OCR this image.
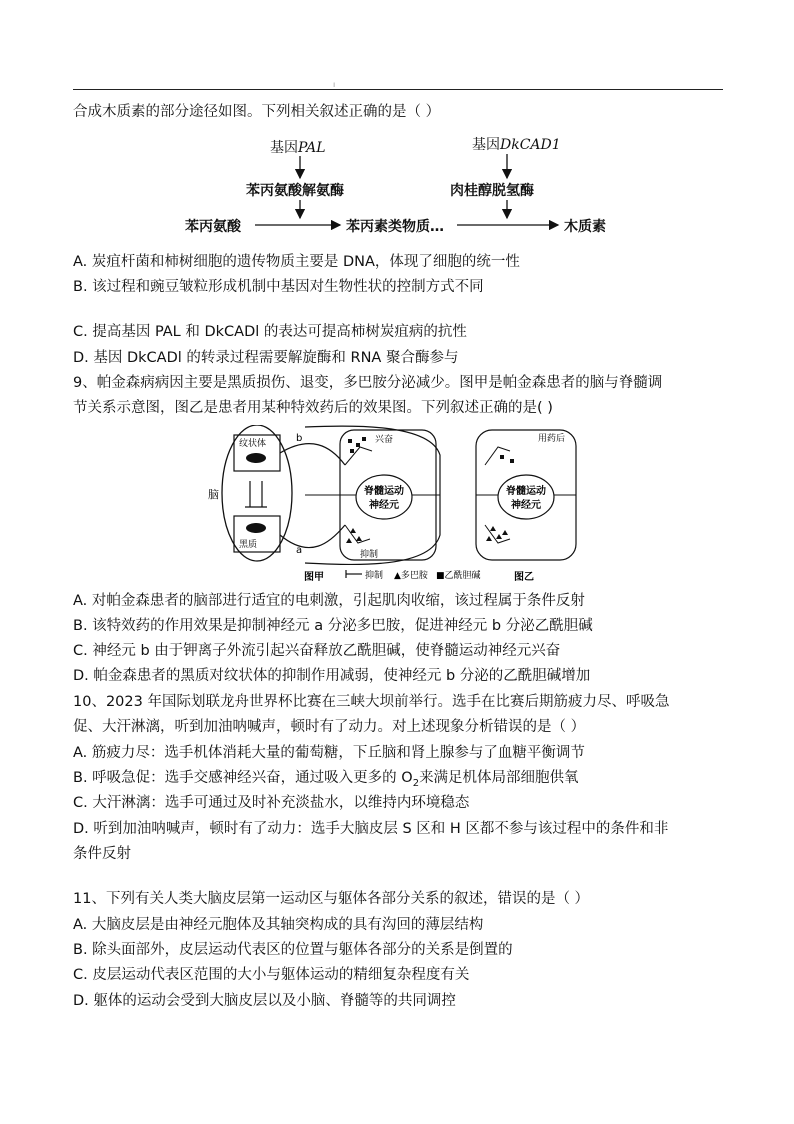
ı
合成木质素的部分途径如图。下列相关叙述正确的是（ ）
基因PAL	基因DkCAD1
苯丙氨酸解氨酶	肉桂醇脱氢酶
苯丙氨酸	苯丙素类物质…	木质素
A. 炭疽杆菌和柿树细胞的遗传物质主要是 DNA，体现了细胞的统一性
B. 该过程和豌豆皱粒形成机制中基因对生物性状的控制方式不同
C. 提高基因 PAL 和 DkCADl 的表达可提高柿树炭疽病的抗性
D. 基因 DkCADl 的转录过程需要解旋酶和 RNA 聚合酶参与
9、帕金森病病因主要是黑质损伤、退变，多巴胺分泌减少。图甲是帕金森患者的脑与脊髓调
节关系示意图，图乙是患者用某种特效药后的效果图。下列叙述正确的是( )
脑
纹状体
黑质
b
a
脊髓运动
神经元
兴奋
抑制
抑制 ▲多巴胺 ■乙酰胆碱
图甲
脊髓运动
神经元
用药后
图乙
A. 对帕金森患者的脑部进行适宜的电刺激，引起肌肉收缩，该过程属于条件反射
B. 该特效药的作用效果是抑制神经元 a 分泌多巴胺，促进神经元 b 分泌乙酰胆碱
C. 神经元 b 由于钾离子外流引起兴奋释放乙酰胆碱，使脊髓运动神经元兴奋
D. 帕金森患者的黑质对纹状体的抑制作用减弱，使神经元 b 分泌的乙酰胆碱增加
10、2023 年国际划联龙舟世界杯比赛在三峡大坝前举行。选手在比赛后期筋疲力尽、呼吸急
促、大汗淋漓，听到加油呐喊声，顿时有了动力。对上述现象分析错误的是（ ）
A. 筋疲力尽：选手机体消耗大量的葡萄糖，下丘脑和肾上腺参与了血糖平衡调节
B. 呼吸急促：选手交感神经兴奋，通过吸入更多的 $O_2$来满足机体局部细胞供氧
C. 大汗淋漓：选手可通过及时补充淡盐水，以维持内环境稳态
D. 听到加油呐喊声，顿时有了动力：选手大脑皮层 S 区和 H 区都不参与该过程中的条件和非
条件反射
11、下列有关人类大脑皮层第一运动区与躯体各部分关系的叙述，错误的是（ ）
A. 大脑皮层是由神经元胞体及其轴突构成的具有沟回的薄层结构
B. 除头面部外，皮层运动代表区的位置与躯体各部分的关系是倒置的
C. 皮层运动代表区范围的大小与躯体运动的精细复杂程度有关
D. 躯体的运动会受到大脑皮层以及小脑、脊髓等的共同调控
